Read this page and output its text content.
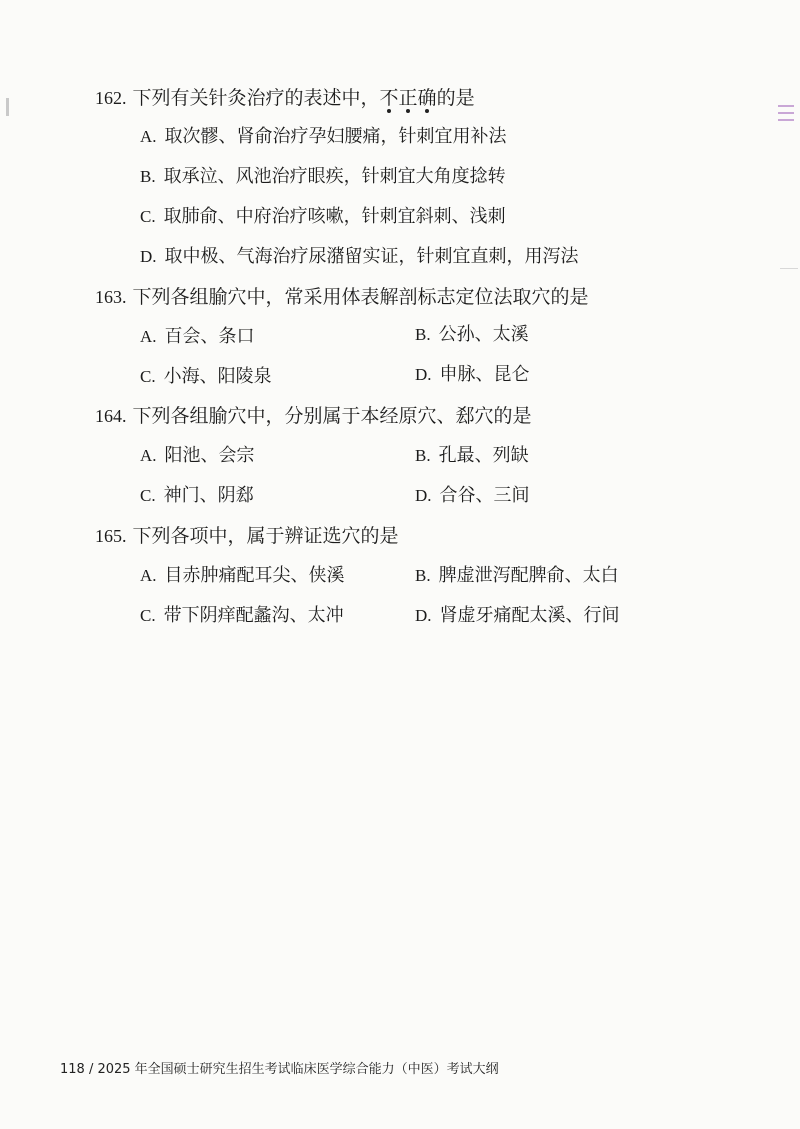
162. 下列有关针灸治疗的表述中，不
正
确
的是
A. 取次髎、肾俞治疗孕妇腰痛，针刺宜用补法
B. 取承泣、风池治疗眼疾，针刺宜大角度捻转
C. 取肺俞、中府治疗咳嗽，针刺宜斜刺、浅刺
D. 取中极、气海治疗尿潴留实证，针刺宜直刺，用泻法
163. 下列各组腧穴中，常采用体表解剖标志定位法取穴的是
A. 百会、条口	B. 公孙、太溪
C. 小海、阳陵泉	D. 申脉、昆仑
164. 下列各组腧穴中，分别属于本经原穴、郄穴的是
A. 阳池、会宗	B. 孔最、列缺
C. 神门、阴郄	D. 合谷、三间
165. 下列各项中，属于辨证选穴的是
A. 目赤肿痛配耳尖、侠溪	B. 脾虚泄泻配脾俞、太白
C. 带下阴痒配蠡沟、太冲	D. 肾虚牙痛配太溪、行间
118 / 2025 年全国硕士研究生招生考试临床医学综合能力（中医）考试大纲
